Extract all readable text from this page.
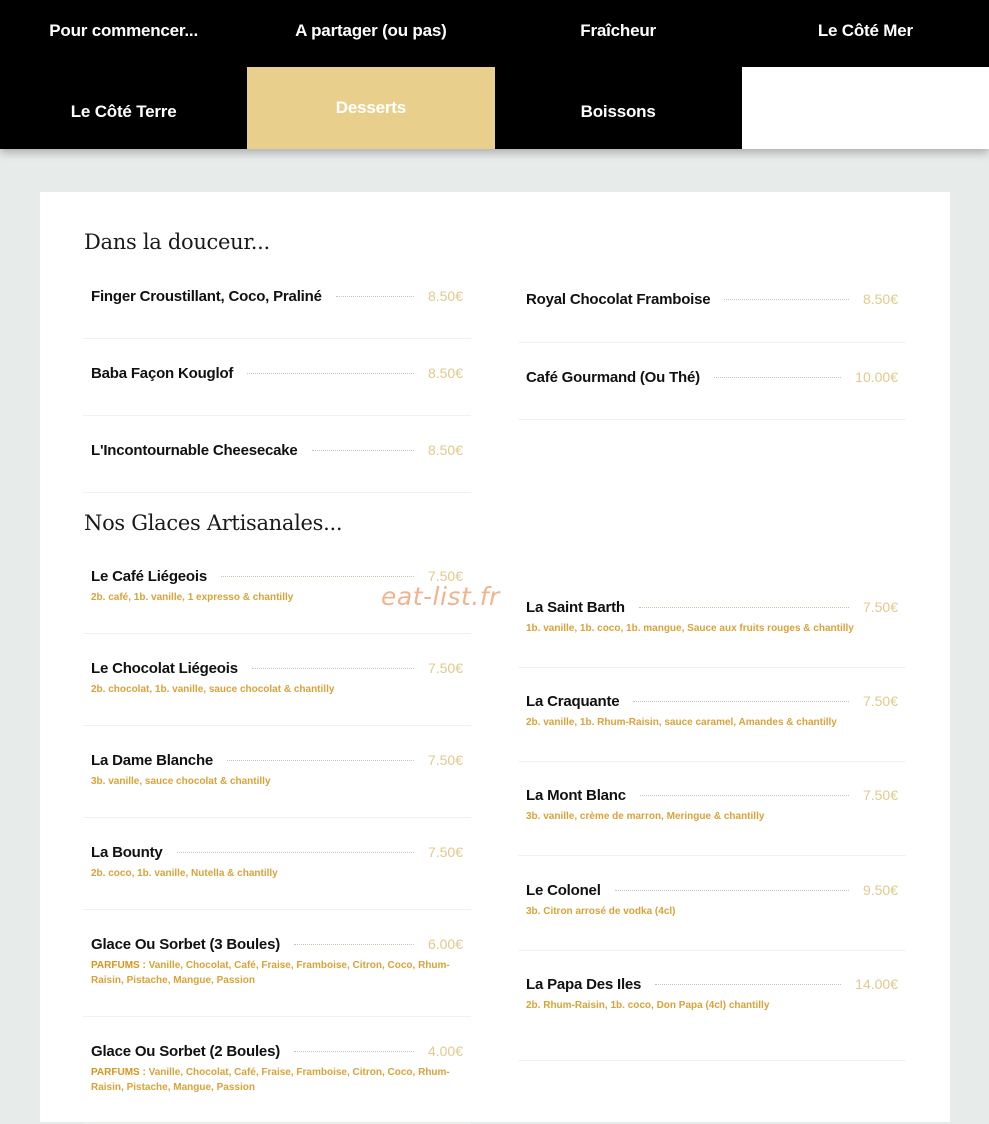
Pour commencer...	A partager (ou pas)	Fraîcheur	Le Côté Mer
Le Côté Terre	Desserts	Boissons
Dans la douceur...
Nos Glaces Artisanales...
Finger Croustillant, Coco, Praliné	8.50€
Baba Façon Kouglof	8.50€
L'Incontournable Cheesecake	8.50€
Royal Chocolat Framboise	8.50€
Café Gourmand (Ou Thé)	10.00€
Le Café Liégeois	7.50€
2b. café, 1b. vanille, 1 expresso & chantilly
Le Chocolat Liégeois	7.50€
2b. chocolat, 1b. vanille, sauce chocolat & chantilly
La Dame Blanche	7.50€
3b. vanille, sauce chocolat & chantilly
La Bounty	7.50€
2b. coco, 1b. vanille, Nutella & chantilly
Glace Ou Sorbet (3 Boules)	6.00€
PARFUMS : Vanille, Chocolat, Café, Fraise, Framboise, Citron, Coco, Rhum-Raisin, Pistache, Mangue, Passion
Glace Ou Sorbet (2 Boules)	4.00€
PARFUMS : Vanille, Chocolat, Café, Fraise, Framboise, Citron, Coco, Rhum-Raisin, Pistache, Mangue, Passion
La Saint Barth	7.50€
1b. vanille, 1b. coco, 1b. mangue, Sauce aux fruits rouges & chantilly
La Craquante	7.50€
2b. vanille, 1b. Rhum-Raisin, sauce caramel, Amandes & chantilly
La Mont Blanc	7.50€
3b. vanille, crème de marron, Meringue & chantilly
Le Colonel	9.50€
3b. Citron arrosé de vodka (4cl)
La Papa Des Iles	14.00€
2b. Rhum-Raisin, 1b. coco, Don Papa (4cl) chantilly
eat-list.fr
